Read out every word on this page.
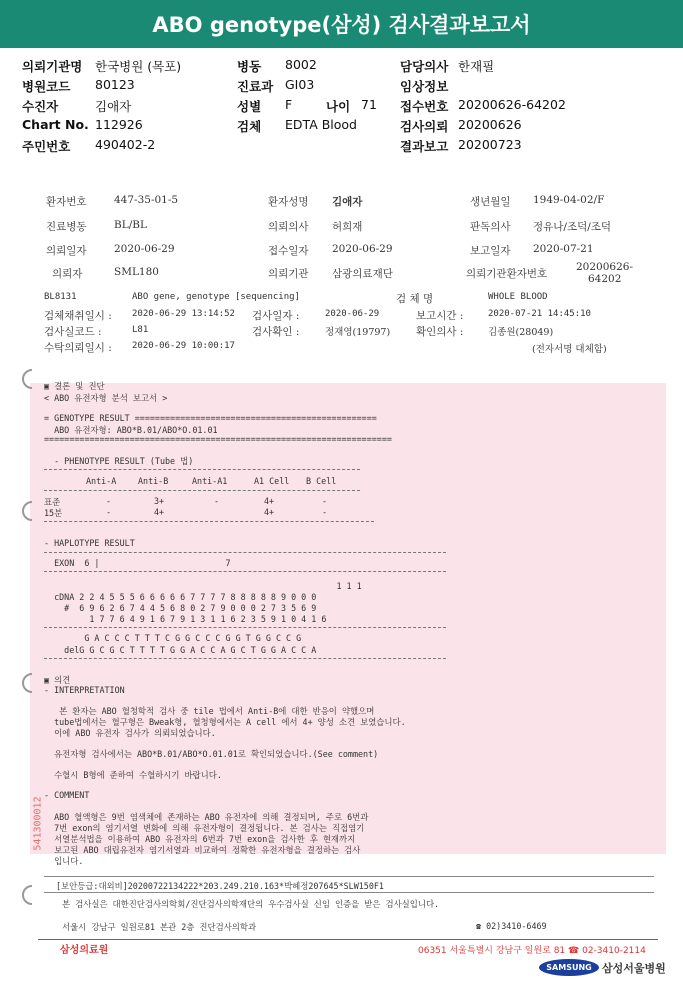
ABO genotype(삼성) 검사결과보고서
의뢰기관명 한국병원 (목포)	병동 8002	담당의사 한재필
병원코드 80123	진료과 GI03	임상정보
수진자	김애자	성별 F	나이 71 접수번호 20200626-64202
Chart No. 112926	검체 EDTA Blood	검사의뢰 20200626
주민번호 490402-2	결과보고 20200723
환자번호	447-35-01-5	환자성명 김애자	생년월일 1949-04-02/F
진료병동	BL/BL	의뢰의사 허희재	판독의사 정유나/조덕/조덕
의뢰일자	2020-06-29	접수일자 2020-06-29	보고일자 2020-07-21
의뢰자	SML180	의뢰기관 삼광의료재단	의뢰기관환자번호
20200626-
64202
BL8131	ABO gene, genotype [sequencing]	검 체 명	WHOLE BLOOD
검체채취일시 : 2020-06-29 13:14:52 검사일자 :	2020-06-29	보고시간 :	2020-07-21 14:45:10
검사실코드 :	L81	검사확인 :	정재영(19797) 확인의사 :	김종원(28049)
수탁의뢰일시 : 2020-06-29 10:00:17	(전자서명 대체함)
▣ 결론 및 진단
< ABO 유전자형 분석 보고서 >
= GENOTYPE RESULT ================================================
ABO 유전자형: ABO*B.01/ABO*O.01.01
=====================================================================
- PHENOTYPE RESULT (Tube 법)
Anti-A	Anti-B	Anti-A1	A1 Cell B Cell
표준	-	3+	-	4+	-
15분	-	4+	4+	-
- HAPLOTYPE RESULT
EXON  6 |                         7
1 1 1
cDNA 2 2 4 5 5 5 6 6 6 6 6 7 7 7 7 8 8 8 8 8 9 0 0 0
#  6 9 6 2 6 7 4 4 5 6 8 0 2 7 9 0 0 0 2 7 3 5 6 9
1 7 7 6 4 9 1 6 7 9 1 3 1 1 6 2 3 5 9 1 0 4 1 6
G A C C C T T T C G G C C C G G T G G C C G
delG G C G C T T T T G G A C C A G C T G G A C C A
▣ 의견
- INTERPRETATION
본 환자는 ABO 혈청학적 검사 중 tile 법에서 Anti-B에 대한 반응이 약했으며
tube법에서는 혈구형은 Bweak형, 혈청형에서는 A cell 에서 4+ 양성 소견 보였습니다.
이에 ABO 유전자 검사가 의뢰되었습니다.
유전자형 검사에서는 ABO*B.01/ABO*O.01.01로 확인되었습니다.(See comment)
수혈시 B형에 준하여 수혈하시기 바랍니다.
- COMMENT
ABO 혈액형은 9번 염색체에 존재하는 ABO 유전자에 의해 결정되며, 주로 6번과
7번 exon의 염기서열 변화에 의해 유전자형이 결정됩니다. 본 검사는 직접염기
서열분석법을 이용하여 ABO 유전자의 6번과 7번 exon을 검사한 후 현재까지
보고된 ABO 대립유전자 염기서열과 비교하여 정확한 유전자형을 결정하는 검사
입니다.
541300012
[보안등급:대외비]20200722134222*203.249.210.163*박혜정207645*SLW150F1
본 검사실은 대한진단검사의학회/진단검사의학재단의 우수검사실 신임 인증을 받은 검사실입니다.
서울시 강남구 일원로81 본관 2층 진단검사의학과	☎ 02)3410-6469
삼성의료원	06351 서울특별시 강남구 일원로 81 ☎ 02-3410-2114
SAMSUNG 삼성서울병원
